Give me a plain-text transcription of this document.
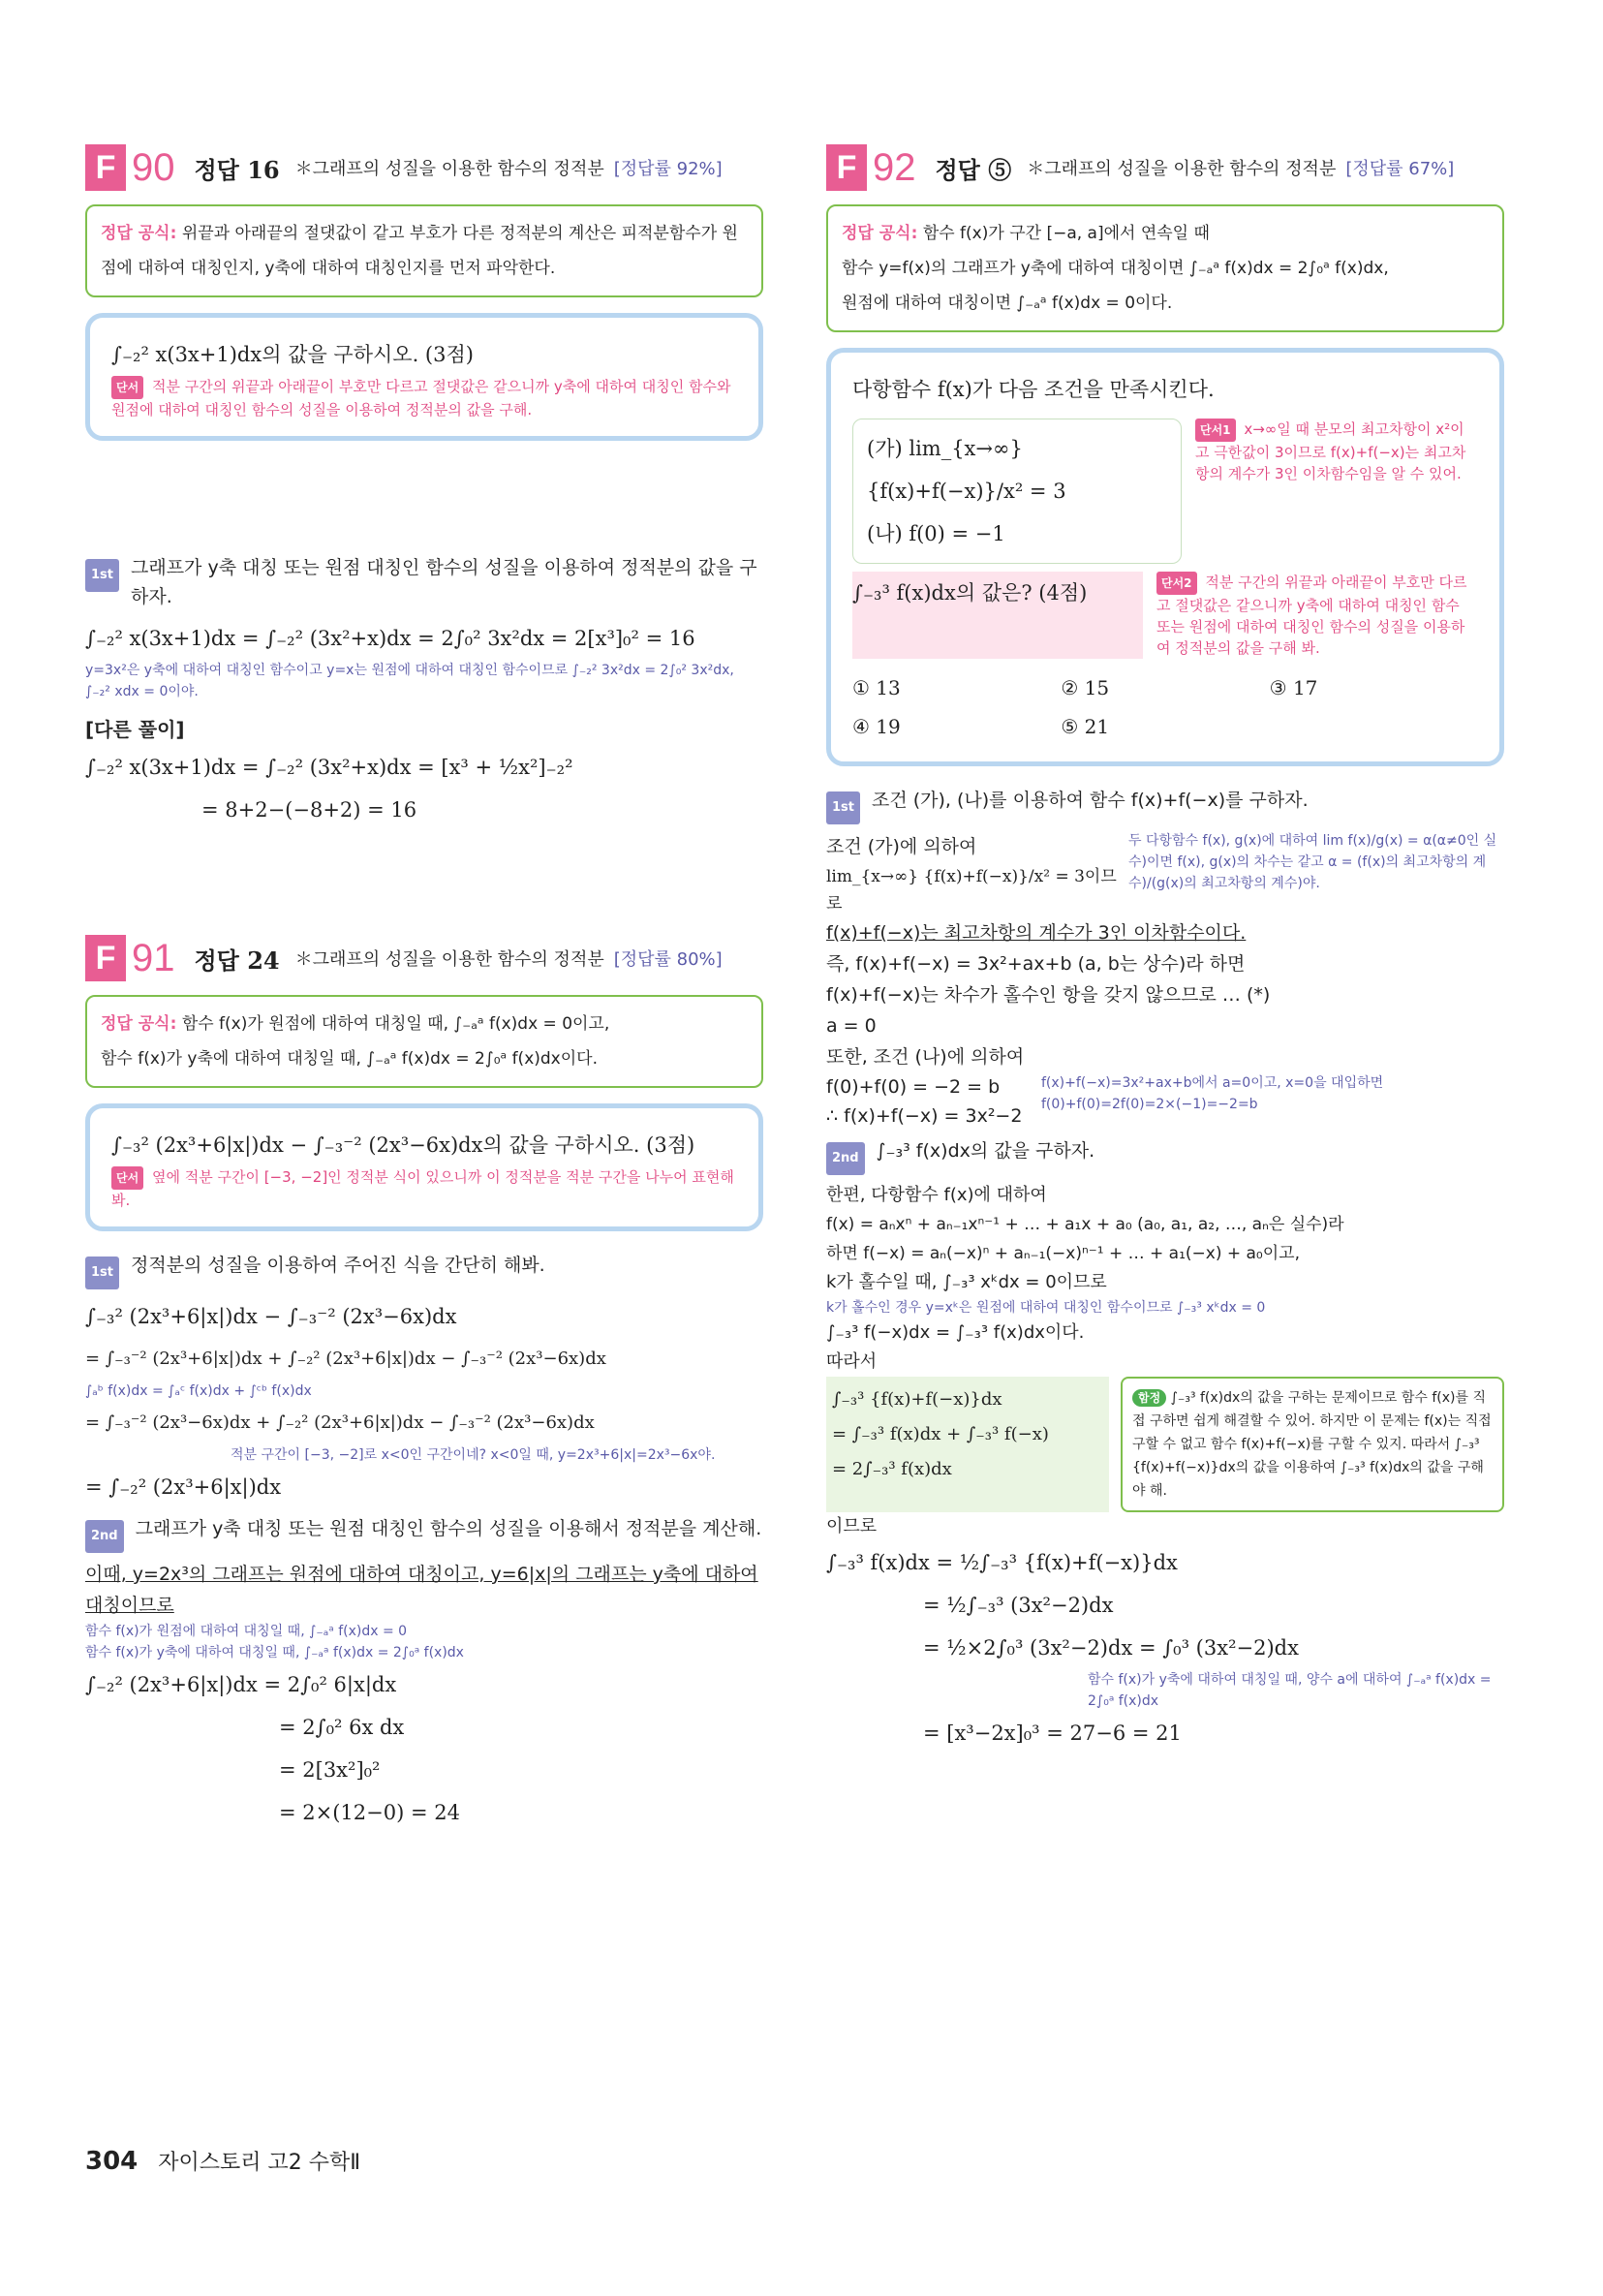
F 90 정답 16 ＊그래프의 성질을 이용한 함수의 정적분 [정답률 92%]
정답 공식: 위끝과 아래끝의 절댓값이 같고 부호가 다른 정적분의 계산은 피적분함수가 원점에 대하여 대칭인지, y축에 대하여 대칭인지를 먼저 파악한다.
∫₋₂² x(3x+1)dx의 값을 구하시오. (3점)
단서 적분 구간의 위끝과 아래끝이 부호만 다르고 절댓값은 같으니까 y축에 대하여 대칭인 함수와 원점에 대하여 대칭인 함수의 성질을 이용하여 정적분의 값을 구해.
1st 그래프가 y축 대칭 또는 원점 대칭인 함수의 성질을 이용하여 정적분의 값을 구하자.
∫₋₂² x(3x+1)dx = ∫₋₂² (3x²+x)dx = 2∫₀² 3x²dx = 2[x³]₀² = 16
y=3x²은 y축에 대하여 대칭인 함수이고 y=x는 원점에 대하여 대칭인 함수이므로 ∫₋₂² 3x²dx = 2∫₀² 3x²dx, ∫₋₂² xdx = 0이야.
[다른 풀이]
∫₋₂² x(3x+1)dx = ∫₋₂² (3x²+x)dx = [x³ + ½x²]₋₂²
= 8+2−(−8+2) = 16
F 91 정답 24 ＊그래프의 성질을 이용한 함수의 정적분 [정답률 80%]
정답 공식: 함수 f(x)가 원점에 대하여 대칭일 때, ∫₋ₐᵃ f(x)dx = 0이고,
함수 f(x)가 y축에 대하여 대칭일 때, ∫₋ₐᵃ f(x)dx = 2∫₀ᵃ f(x)dx이다.
∫₋₃² (2x³+6|x|)dx − ∫₋₃⁻² (2x³−6x)dx의 값을 구하시오. (3점)
단서 옆에 적분 구간이 [−3, −2]인 정적분 식이 있으니까 이 정적분을 적분 구간을 나누어 표현해봐.
1st 정적분의 성질을 이용하여 주어진 식을 간단히 해봐.
∫₋₃² (2x³+6|x|)dx − ∫₋₃⁻² (2x³−6x)dx
= ∫₋₃⁻² (2x³+6|x|)dx + ∫₋₂² (2x³+6|x|)dx − ∫₋₃⁻² (2x³−6x)dx
∫ₐᵇ f(x)dx = ∫ₐᶜ f(x)dx + ∫ᶜᵇ f(x)dx
= ∫₋₃⁻² (2x³−6x)dx + ∫₋₂² (2x³+6|x|)dx − ∫₋₃⁻² (2x³−6x)dx
적분 구간이 [−3, −2]로 x<0인 구간이네? x<0일 때, y=2x³+6|x|=2x³−6x야.
= ∫₋₂² (2x³+6|x|)dx
2nd 그래프가 y축 대칭 또는 원점 대칭인 함수의 성질을 이용해서 정적분을 계산해.
이때, y=2x³의 그래프는 원점에 대하여 대칭이고, y=6|x|의 그래프는 y축에 대하여 대칭이므로
함수 f(x)가 원점에 대하여 대칭일 때, ∫₋ₐᵃ f(x)dx = 0
함수 f(x)가 y축에 대하여 대칭일 때, ∫₋ₐᵃ f(x)dx = 2∫₀ᵃ f(x)dx
∫₋₂² (2x³+6|x|)dx = 2∫₀² 6|x|dx
= 2∫₀² 6x dx
= 2[3x²]₀²
= 2×(12−0) = 24
F 92 정답 ⑤ ＊그래프의 성질을 이용한 함수의 정적분 [정답률 67%]
정답 공식: 함수 f(x)가 구간 [−a, a]에서 연속일 때
함수 y=f(x)의 그래프가 y축에 대하여 대칭이면 ∫₋ₐᵃ f(x)dx = 2∫₀ᵃ f(x)dx,
원점에 대하여 대칭이면 ∫₋ₐᵃ f(x)dx = 0이다.
다항함수 f(x)가 다음 조건을 만족시킨다.
(가) lim_{x→∞} {f(x)+f(−x)}/x² = 3
(나) f(0) = −1
단서1 x→∞일 때 분모의 최고차항이 x²이고 극한값이 3이므로 f(x)+f(−x)는 최고차항의 계수가 3인 이차함수임을 알 수 있어.
∫₋₃³ f(x)dx의 값은? (4점)	단서2 적분 구간의 위끝과 아래끝이 부호만 다르고 절댓값은 같으니까 y축에 대하여 대칭인 함수 또는 원점에 대하여 대칭인 함수의 성질을 이용하여 정적분의 값을 구해 봐.
① 13	② 15	③ 17
④ 19	⑤ 21
1st 조건 (가), (나)를 이용하여 함수 f(x)+f(−x)를 구하자.
조건 (가)에 의하여
lim_{x→∞} {f(x)+f(−x)}/x² = 3이므로
두 다항함수 f(x), g(x)에 대하여 lim f(x)/g(x) = α(α≠0인 실수)이면 f(x), g(x)의 차수는 같고 α = (f(x)의 최고차항의 계수)/(g(x)의 최고차항의 계수)야.
f(x)+f(−x)는 최고차항의 계수가 3인 이차함수이다.
즉, f(x)+f(−x) = 3x²+ax+b (a, b는 상수)라 하면
f(x)+f(−x)는 차수가 홀수인 항을 갖지 않으므로 … (*)
a = 0
또한, 조건 (나)에 의하여
f(0)+f(0) = −2 = b
∴ f(x)+f(−x) = 3x²−2
f(x)+f(−x)=3x²+ax+b에서 a=0이고, x=0을 대입하면 f(0)+f(0)=2f(0)=2×(−1)=−2=b
2nd ∫₋₃³ f(x)dx의 값을 구하자.
한편, 다항함수 f(x)에 대하여
f(x) = aₙxⁿ + aₙ₋₁xⁿ⁻¹ + … + a₁x + a₀ (a₀, a₁, a₂, …, aₙ은 실수)라
하면 f(−x) = aₙ(−x)ⁿ + aₙ₋₁(−x)ⁿ⁻¹ + … + a₁(−x) + a₀이고,
k가 홀수일 때, ∫₋₃³ xᵏdx = 0이므로
k가 홀수인 경우 y=xᵏ은 원점에 대하여 대칭인 함수이므로 ∫₋₃³ xᵏdx = 0
∫₋₃³ f(−x)dx = ∫₋₃³ f(x)dx이다.
따라서
∫₋₃³ {f(x)+f(−x)}dx
= ∫₋₃³ f(x)dx + ∫₋₃³ f(−x)
= 2∫₋₃³ f(x)dx
함정 ∫₋₃³ f(x)dx의 값을 구하는 문제이므로 함수 f(x)를 직접 구하면 쉽게 해결할 수 있어. 하지만 이 문제는 f(x)는 직접 구할 수 없고 함수 f(x)+f(−x)를 구할 수 있지. 따라서 ∫₋₃³ {f(x)+f(−x)}dx의 값을 이용하여 ∫₋₃³ f(x)dx의 값을 구해야 해.
이므로
∫₋₃³ f(x)dx = ½∫₋₃³ {f(x)+f(−x)}dx
= ½∫₋₃³ (3x²−2)dx
= ½×2∫₀³ (3x²−2)dx = ∫₀³ (3x²−2)dx
함수 f(x)가 y축에 대하여 대칭일 때, 양수 a에 대하여 ∫₋ₐᵃ f(x)dx = 2∫₀ᵃ f(x)dx
= [x³−2x]₀³ = 27−6 = 21
304 자이스토리 고2 수학Ⅱ
